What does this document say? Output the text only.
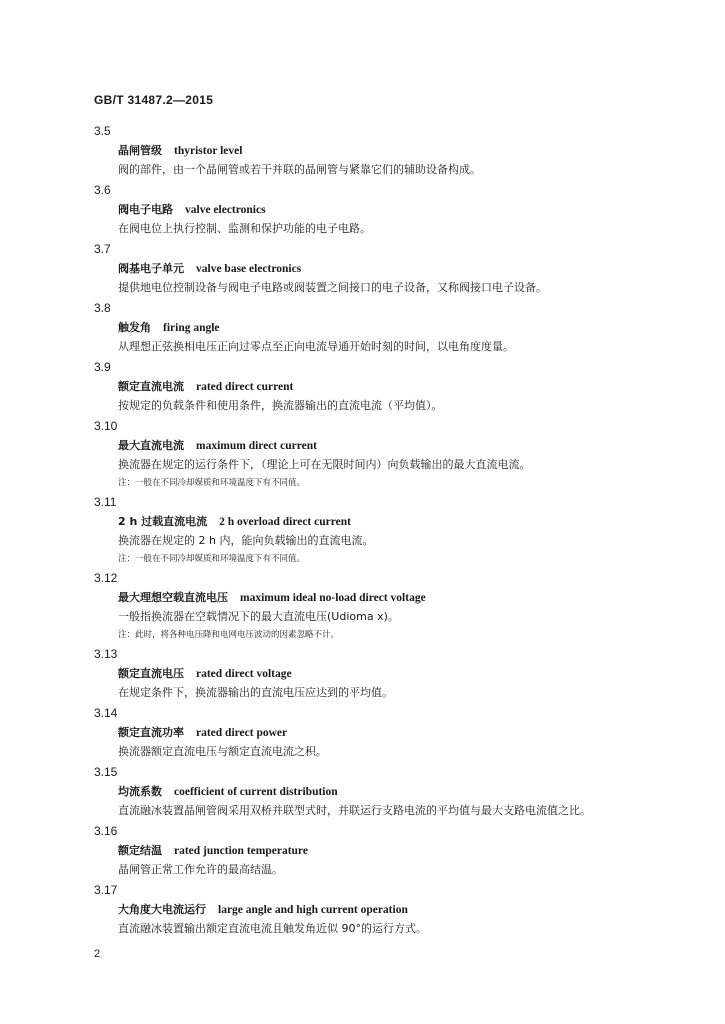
GB/T 31487.2—2015
3.5
晶闸管级 thyristor level
阀的部件，由一个晶闸管或若干并联的晶闸管与紧靠它们的辅助设备构成。
3.6
阀电子电路 valve electronics
在阀电位上执行控制、监测和保护功能的电子电路。
3.7
阀基电子单元 valve base electronics
提供地电位控制设备与阀电子电路或阀装置之间接口的电子设备，又称阀接口电子设备。
3.8
触发角 firing angle
从理想正弦换相电压正向过零点至正向电流导通开始时刻的时间，以电角度度量。
3.9
额定直流电流 rated direct current
按规定的负载条件和使用条件，换流器输出的直流电流（平均值）。
3.10
最大直流电流 maximum direct current
换流器在规定的运行条件下，（理论上可在无限时间内）向负载输出的最大直流电流。
注：一般在不同冷却媒质和环境温度下有不同值。
3.11
2 h 过载直流电流 2 h overload direct current
换流器在规定的 2 h 内，能向负载输出的直流电流。
注：一般在不同冷却媒质和环境温度下有不同值。
3.12
最大理想空载直流电压 maximum ideal no-load direct voltage
一般指换流器在空载情况下的最大直流电压(Udioma x)。
注：此时，将各种电压降和电网电压波动的因素忽略不计。
3.13
额定直流电压 rated direct voltage
在规定条件下，换流器输出的直流电压应达到的平均值。
3.14
额定直流功率 rated direct power
换流器额定直流电压与额定直流电流之积。
3.15
均流系数 coefficient of current distribution
直流融冰装置晶闸管阀采用双桥并联型式时，并联运行支路电流的平均值与最大支路电流值之比。
3.16
额定结温 rated junction temperature
晶闸管正常工作允许的最高结温。
3.17
大角度大电流运行 large angle and high current operation
直流融冰装置输出额定直流电流且触发角近似 90°的运行方式。
2
